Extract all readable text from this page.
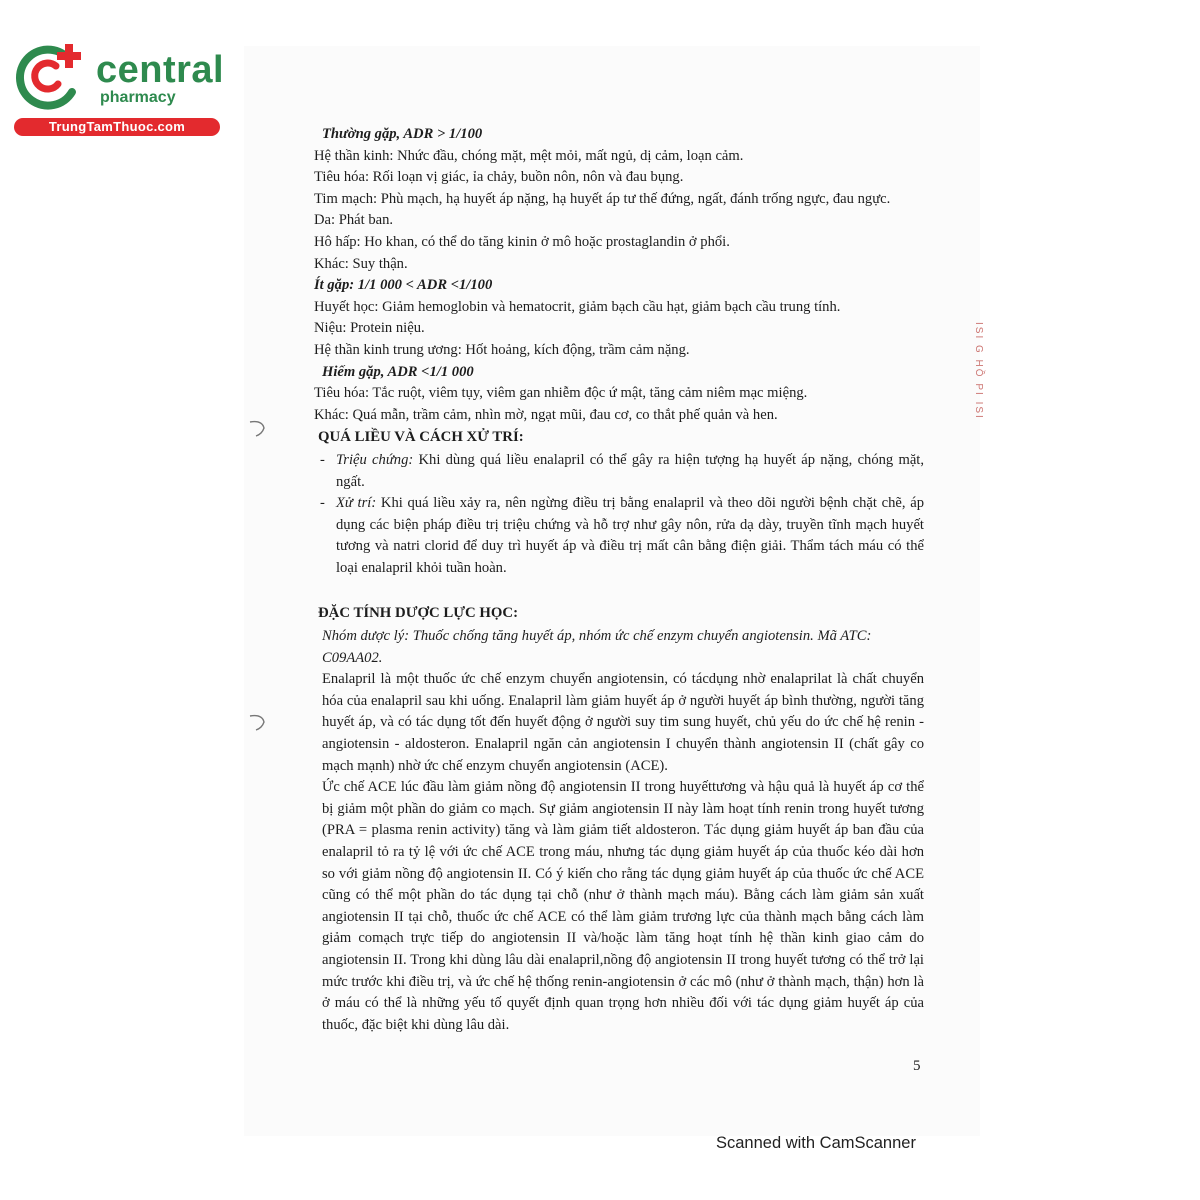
central
pharmacy
TrungTamThuoc.com
ISI G HỒ PI ISI

Thường gặp, ADR > 1/100

Hệ thần kinh: Nhức đầu, chóng mặt, mệt mỏi, mất ngủ, dị cảm, loạn cảm.

Tiêu hóa: Rối loạn vị giác, ỉa chảy, buồn nôn, nôn và đau bụng.

Tim mạch: Phù mạch, hạ huyết áp nặng, hạ huyết áp tư thế đứng, ngất, đánh trống ngực, đau ngực.

Da: Phát ban.

Hô hấp: Ho khan, có thể do tăng kinin ở mô hoặc prostaglandin ở phổi.

Khác: Suy thận.

Ít gặp: 1/1 000 < ADR <1/100

Huyết học: Giảm hemoglobin và hematocrit, giảm bạch cầu hạt, giảm bạch cầu trung tính.

Niệu: Protein niệu.

Hệ thần kinh trung ương: Hốt hoảng, kích động, trầm cảm nặng.

Hiếm gặp, ADR <1/1 000

Tiêu hóa: Tắc ruột, viêm tụy, viêm gan nhiễm độc ứ mật, tăng cảm niêm mạc miệng.

Khác: Quá mẫn, trầm cảm, nhìn mờ, ngạt mũi, đau cơ, co thắt phế quản và hen.

QUÁ LIỀU VÀ CÁCH XỬ TRÍ:

- Triệu chứng: Khi dùng quá liều enalapril có thể gây ra hiện tượng hạ huyết áp nặng, chóng mặt, ngất.

- Xử trí: Khi quá liều xảy ra, nên ngừng điều trị bằng enalapril và theo dõi người bệnh chặt chẽ, áp dụng các biện pháp điều trị triệu chứng và hỗ trợ như gây nôn, rửa dạ dày, truyền tĩnh mạch huyết tương và natri clorid để duy trì huyết áp và điều trị mất cân bằng điện giải. Thẩm tách máu có thể loại enalapril khỏi tuần hoàn.

ĐẶC TÍNH DƯỢC LỰC HỌC:

Nhóm dược lý: Thuốc chống tăng huyết áp, nhóm ức chế enzym chuyển angiotensin. Mã ATC: C09AA02.

Enalapril là một thuốc ức chế enzym chuyển angiotensin, có tácdụng nhờ enalaprilat là chất chuyển hóa của enalapril sau khi uống. Enalapril làm giảm huyết áp ở người huyết áp bình thường, người tăng huyết áp, và có tác dụng tốt đến huyết động ở người suy tim sung huyết, chủ yếu do ức chế hệ renin - angiotensin - aldosteron. Enalapril ngăn cản angiotensin I chuyển thành angiotensin II (chất gây co mạch mạnh) nhờ ức chế enzym chuyển angiotensin (ACE).

Ức chế ACE lúc đầu làm giảm nồng độ angiotensin II trong huyếttương và hậu quả là huyết áp cơ thể bị giảm một phần do giảm co mạch. Sự giảm angiotensin II này làm hoạt tính renin trong huyết tương (PRA = plasma renin activity) tăng và làm giảm tiết aldosteron. Tác dụng giảm huyết áp ban đầu của enalapril tỏ ra tỷ lệ với ức chế ACE trong máu, nhưng tác dụng giảm huyết áp của thuốc kéo dài hơn so với giảm nồng độ angiotensin II. Có ý kiến cho rằng tác dụng giảm huyết áp của thuốc ức chế ACE cũng có thể một phần do tác dụng tại chỗ (như ở thành mạch máu). Bằng cách làm giảm sản xuất angiotensin II tại chỗ, thuốc ức chế ACE có thể làm giảm trương lực của thành mạch bằng cách làm giảm comạch trực tiếp do angiotensin II và/hoặc làm tăng hoạt tính hệ thần kinh giao cảm do angiotensin II. Trong khi dùng lâu dài enalapril,nồng độ angiotensin II trong huyết tương có thể trở lại mức trước khi điều trị, và ức chế hệ thống renin-angiotensin ở các mô (như ở thành mạch, thận) hơn là ở máu có thể là những yếu tố quyết định quan trọng hơn nhiều đối với tác dụng giảm huyết áp của thuốc, đặc biệt khi dùng lâu dài.

5
Scanned with CamScanner
